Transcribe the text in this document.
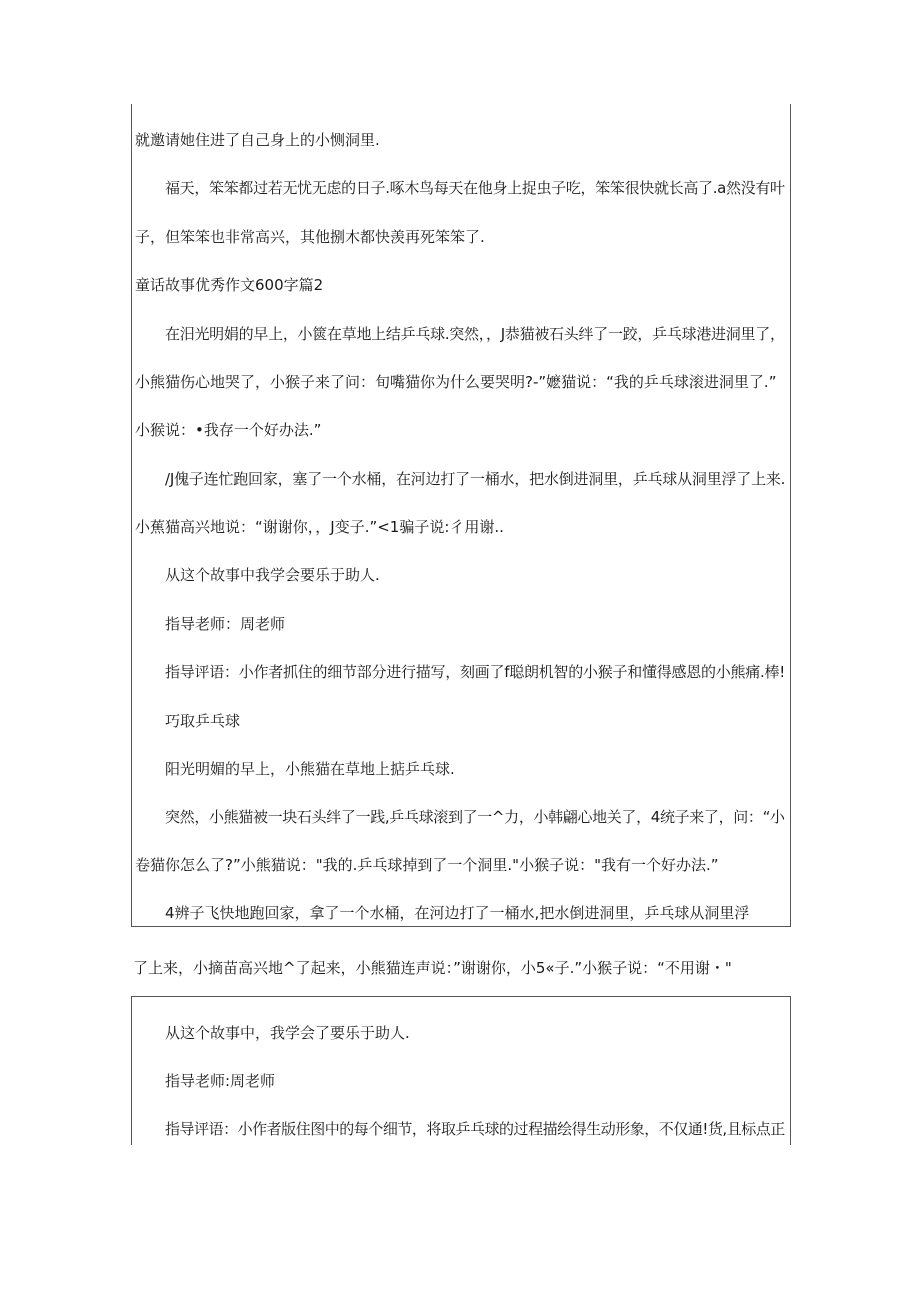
就邀请她住进了自己身上的小恻洞里.
福天，笨笨都过若无忧无虑的日子.啄木鸟每天在他身上捉虫子吃，笨笨很快就长高了.a然没有叶
子，但笨笨也非常高兴，其他捌木都快羡再死笨笨了.
童话故事优秀作文600字篇2
在汨光明娟的早上，小篋在草地上结乒乓球.突然，，J恭猫被石头绊了一跤，乒乓球港进洞里了，
小熊猫伤心地哭了，小猴子来了问：旬嘴猫你为什么要哭明?-”嬷猫说：“我的乒乓球滚进洞里了.”
小猴说：•我存一个好办法.”
/J傀子连忙跑回家，塞了一个水桶，在河边打了一桶水，把水倒进洞里，乒乓球从洞里浮了上来.
小蕉猫高兴地说：“谢谢你，，J变子.”<1骗子说:彳用谢..
从这个故事中我学会要乐于助人.
指导老师：周老师
指导评语：小作者抓住的细节部分进行描写，刻画了f聪朗机智的小猴子和懂得感恩的小熊痛.棒!
巧取乒乓球
阳光明媚的早上，小熊猫在草地上掂乒乓球.
突然，小熊猫被一块石头绊了一践,乒乓球滚到了一^力，小韩翩心地关了，4统子来了，问：“小
卷猫你怎么了?”小熊猫说："我的.乒乓球掉到了一个洞里."小猴子说："我有一个好办法.”
4辨子飞快地跑回家，拿了一个水桶，在河边打了一桶水,把水倒进洞里，乒乓球从洞里浮
了上来，小摘苗高兴地^了起来，小熊猫连声说：”谢谢你，小5«子.”小猴子说：“不用谢・"
从这个故事中，我学会了要乐于助人.
指导老师:周老师
指导评语：小作者版住图中的每个细节，将取乒乓球的过程描绘得生动形象，不仅通!货,且标点正
